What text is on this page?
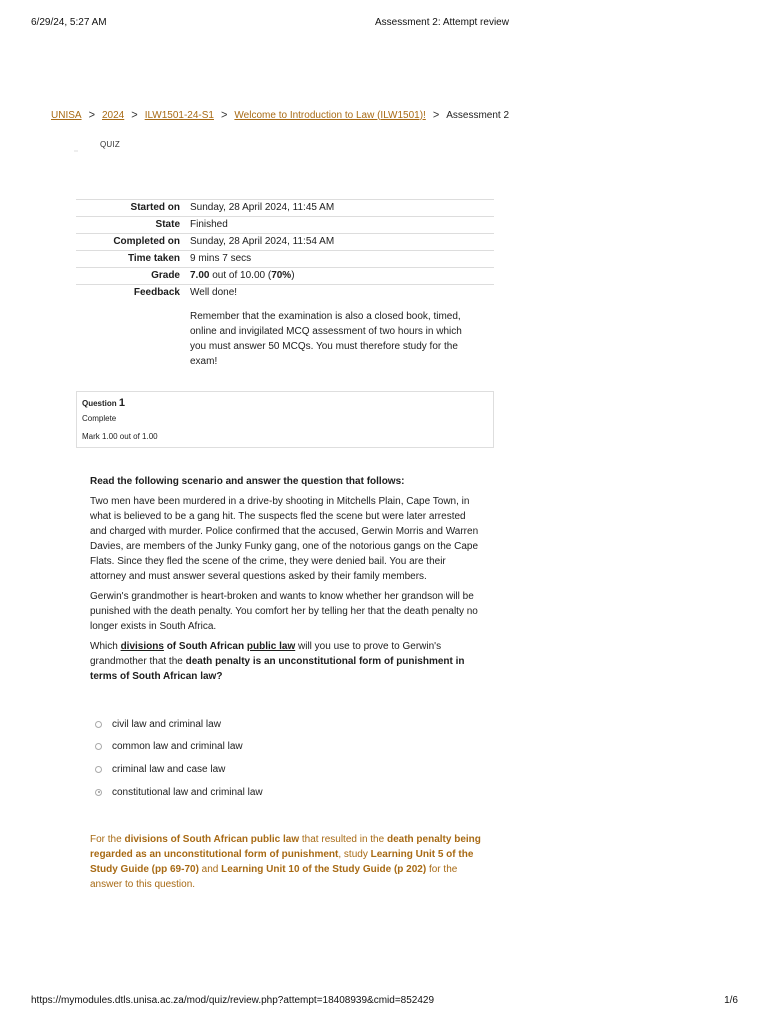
6/29/24, 5:27 AM	Assessment 2: Attempt review
UNISA > 2024 > ILW1501-24-S1 > Welcome to Introduction to Law (ILW1501)! > Assessment 2
QUIZ
Started on	Sunday, 28 April 2024, 11:45 AM
State	Finished
Completed on	Sunday, 28 April 2024, 11:54 AM
Time taken	9 mins 7 secs
Grade	7.00 out of 10.00 (70%)
Feedback	Well done!
Remember that the examination is also a closed book, timed, online and invigilated MCQ assessment of two hours in which you must answer 50 MCQs. You must therefore study for the exam!
Question 1
Complete
Mark 1.00 out of 1.00

Read the following scenario and answer the question that follows:

Two men have been murdered in a drive-by shooting in Mitchells Plain, Cape Town, in what is believed to be a gang hit. The suspects fled the scene but were later arrested and charged with murder. Police confirmed that the accused, Gerwin Morris and Warren Davies, are members of the Junky Funky gang, one of the notorious gangs on the Cape Flats. Since they fled the scene of the crime, they were denied bail. You are their attorney and must answer several questions asked by their family members.

Gerwin's grandmother is heart-broken and wants to know whether her grandson will be punished with the death penalty. You comfort her by telling her that the death penalty no longer exists in South Africa.

Which divisions of South African public law will you use to prove to Gerwin's grandmother that the death penalty is an unconstitutional form of punishment in terms of South African law?

civil law and criminal law
common law and criminal law
criminal law and case law
constitutional law and criminal law
For the divisions of South African public law that resulted in the death penalty being regarded as an unconstitutional form of punishment, study Learning Unit 5 of the Study Guide (pp 69-70) and Learning Unit 10 of the Study Guide (p 202) for the answer to this question.
https://mymodules.dtls.unisa.ac.za/mod/quiz/review.php?attempt=18408939&cmid=852429	1/6
